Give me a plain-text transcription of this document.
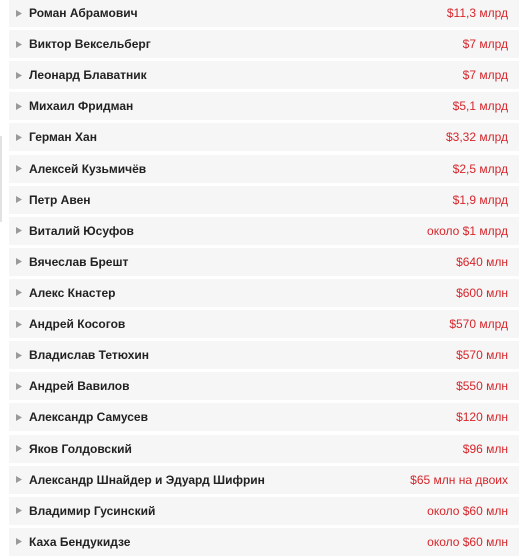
Роман Абрамович	$11,3 млрд
Виктор Вексельберг	$7 млрд
Леонард Блаватник	$7 млрд
Михаил Фридман	$5,1 млрд
Герман Хан	$3,32 млрд
Алексей Кузьмичёв	$2,5 млрд
Петр Авен	$1,9 млрд
Виталий Юсуфов	около $1 млрд
Вячеслав Брешт	$640 млн
Алекс Кнастер	$600 млн
Андрей Косогов	$570 млрд
Владислав Тетюхин	$570 млн
Андрей Вавилов	$550 млн
Александр Самусев	$120 млн
Яков Голдовский	$96 млн
Александр Шнайдер и Эдуард Шифрин	$65 млн на двоих
Владимир Гусинский	около $60 млн
Каха Бендукидзе	около $60 млн
